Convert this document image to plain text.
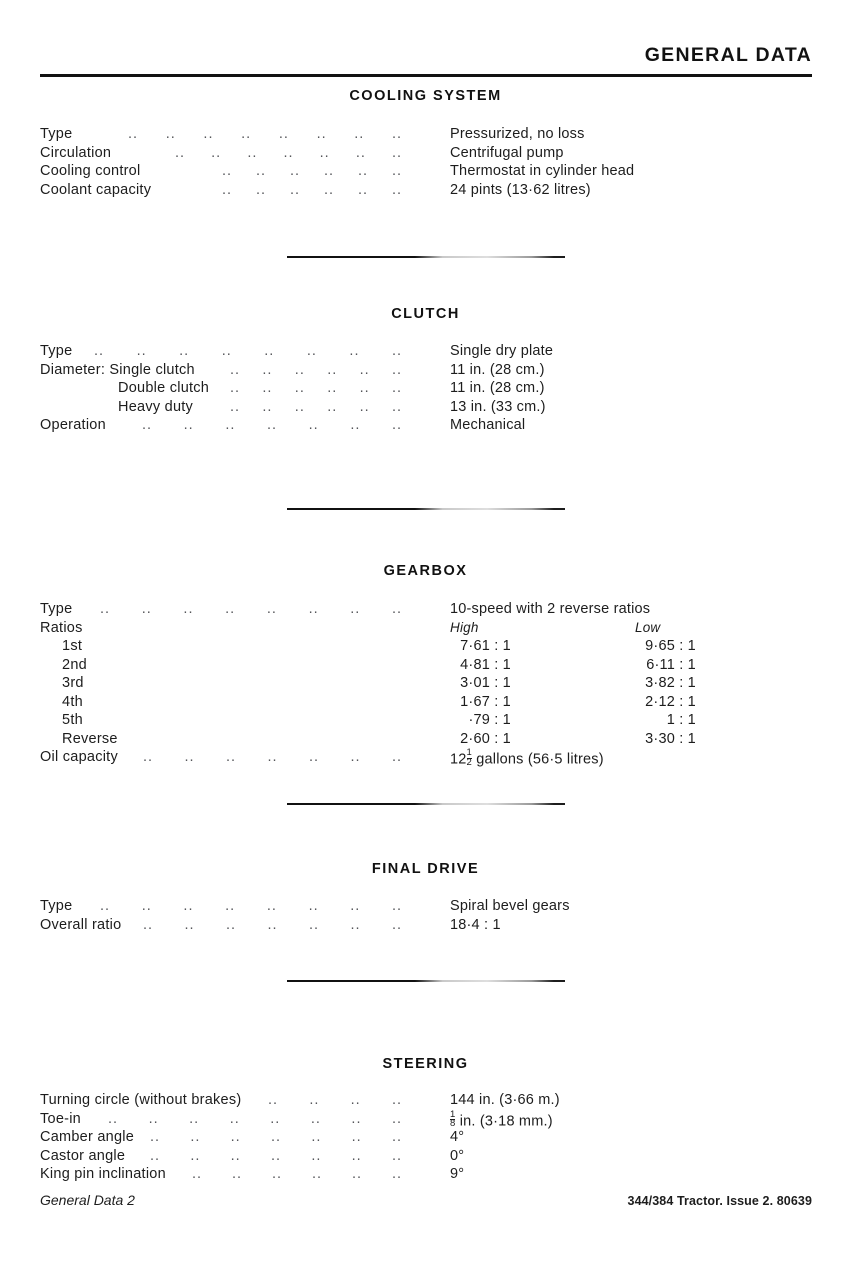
GENERAL DATA
COOLING SYSTEM
Type	.. .. .. .. .. .. .. ..	Pressurized, no loss
Circulation	.. .. .. .. .. .. ..	Centrifugal pump
Cooling control	.. .. .. .. .. ..	Thermostat in cylinder head
Coolant capacity	.. .. .. .. .. ..	24 pints (13·62 litres)
CLUTCH
Type .. .. .. .. .. .. .. ..	Single dry plate
Diameter: Single clutch .. .. .. .. .. ..	11 in. (28 cm.)
Double clutch .. .. .. .. .. ..	11 in. (28 cm.)
Heavy duty	.. .. .. .. .. ..	13 in. (33 cm.)
Operation .. .. .. .. .. .. ..	Mechanical
GEARBOX
Type .. .. .. .. .. .. .. ..	10-speed with 2 reverse ratios
Ratios	High	Low
1st	7·61 : 1	9·65 : 1
2nd	4·81 : 1	6·11 : 1
3rd	3·01 : 1	3·82 : 1
4th	1·67 : 1	2·12 : 1
5th	·79 : 1	1 : 1
Reverse	2·60 : 1	3·30 : 1
Oil capacity .. .. .. .. .. .. ..	$12 \frac{1}{2}$ gallons (56·5 litres)
FINAL DRIVE
Type .. .. .. .. .. .. .. ..	Spiral bevel gears
Overall ratio .. .. .. .. .. .. ..	18·4 : 1
STEERING
Turning circle (without brakes) .. .. .. ..	144 in. (3·66 m.)
Toe-in .. .. .. .. .. .. .. ..	$\frac{1}{8}$ in. (3·18 mm.)
Camber angle .. .. .. .. .. .. ..	4°
Castor angle .. .. .. .. .. .. ..	0°
King pin inclination .. .. .. .. .. ..	9°
General Data 2	344/384 Tractor. Issue 2. 80639
